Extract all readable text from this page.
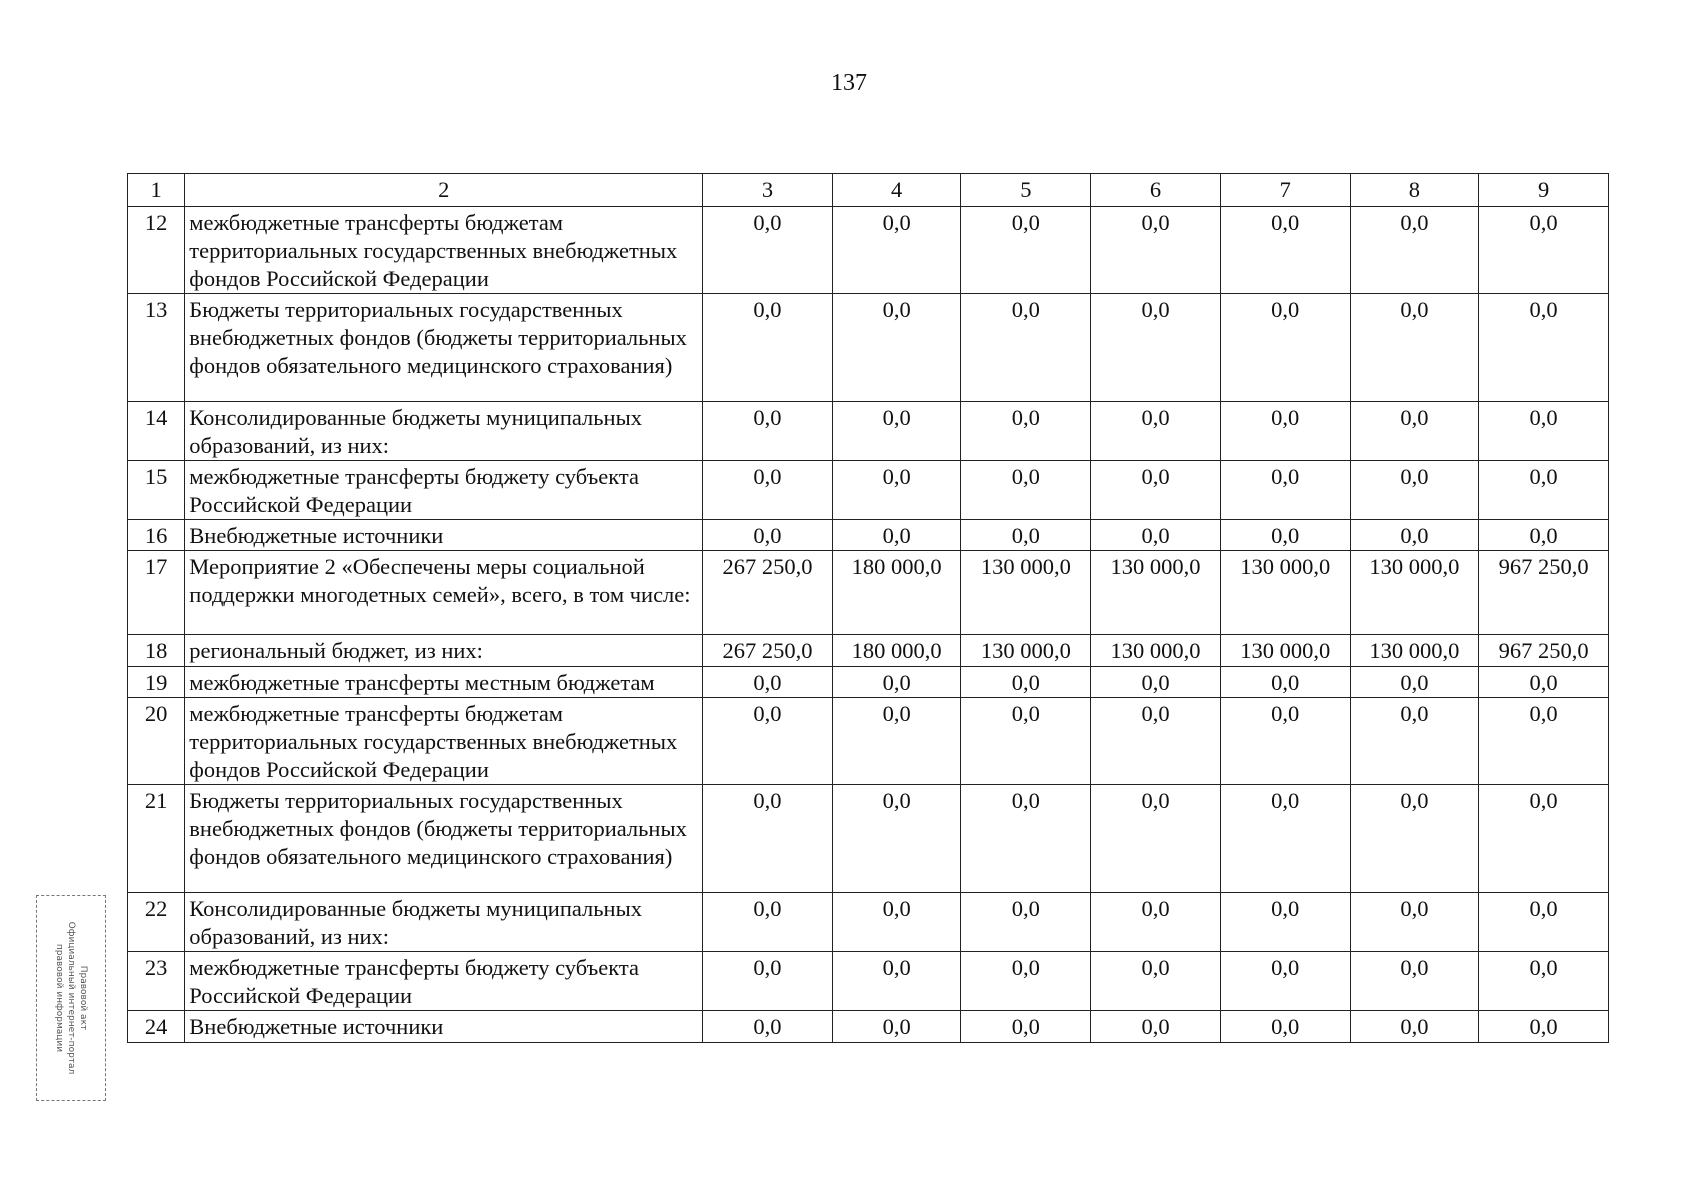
137
1	2	3	4	5	6	7	8	9
12	межбюджетные трансферты бюджетам территориальных государственных внебюджетных фондов Российской Федерации	0,0	0,0	0,0	0,0	0,0	0,0	0,0
13	Бюджеты территориальных государственных внебюджетных фондов (бюджеты территориальных фондов обязательного медицинского страхования)	0,0	0,0	0,0	0,0	0,0	0,0	0,0
14	Консолидированные бюджеты муниципальных образований, из них:	0,0	0,0	0,0	0,0	0,0	0,0	0,0
15	межбюджетные трансферты бюджету субъекта Российской Федерации	0,0	0,0	0,0	0,0	0,0	0,0	0,0
16	Внебюджетные источники	0,0	0,0	0,0	0,0	0,0	0,0	0,0
17	Мероприятие 2 «Обеспечены меры социальной поддержки многодетных семей», всего, в том числе:	267 250,0	180 000,0	130 000,0	130 000,0	130 000,0	130 000,0	967 250,0
18	региональный бюджет, из них:	267 250,0	180 000,0	130 000,0	130 000,0	130 000,0	130 000,0	967 250,0
19	межбюджетные трансферты местным бюджетам	0,0	0,0	0,0	0,0	0,0	0,0	0,0
20	межбюджетные трансферты бюджетам территориальных государственных внебюджетных фондов Российской Федерации	0,0	0,0	0,0	0,0	0,0	0,0	0,0
21	Бюджеты территориальных государственных внебюджетных фондов (бюджеты территориальных фондов обязательного медицинского страхования)	0,0	0,0	0,0	0,0	0,0	0,0	0,0
22	Консолидированные бюджеты муниципальных образований, из них:	0,0	0,0	0,0	0,0	0,0	0,0	0,0
23	межбюджетные трансферты бюджету субъекта Российской Федерации	0,0	0,0	0,0	0,0	0,0	0,0	0,0
24	Внебюджетные источники	0,0	0,0	0,0	0,0	0,0	0,0	0,0
Правовой акт
Официальный интернет-портал
правовой информации
